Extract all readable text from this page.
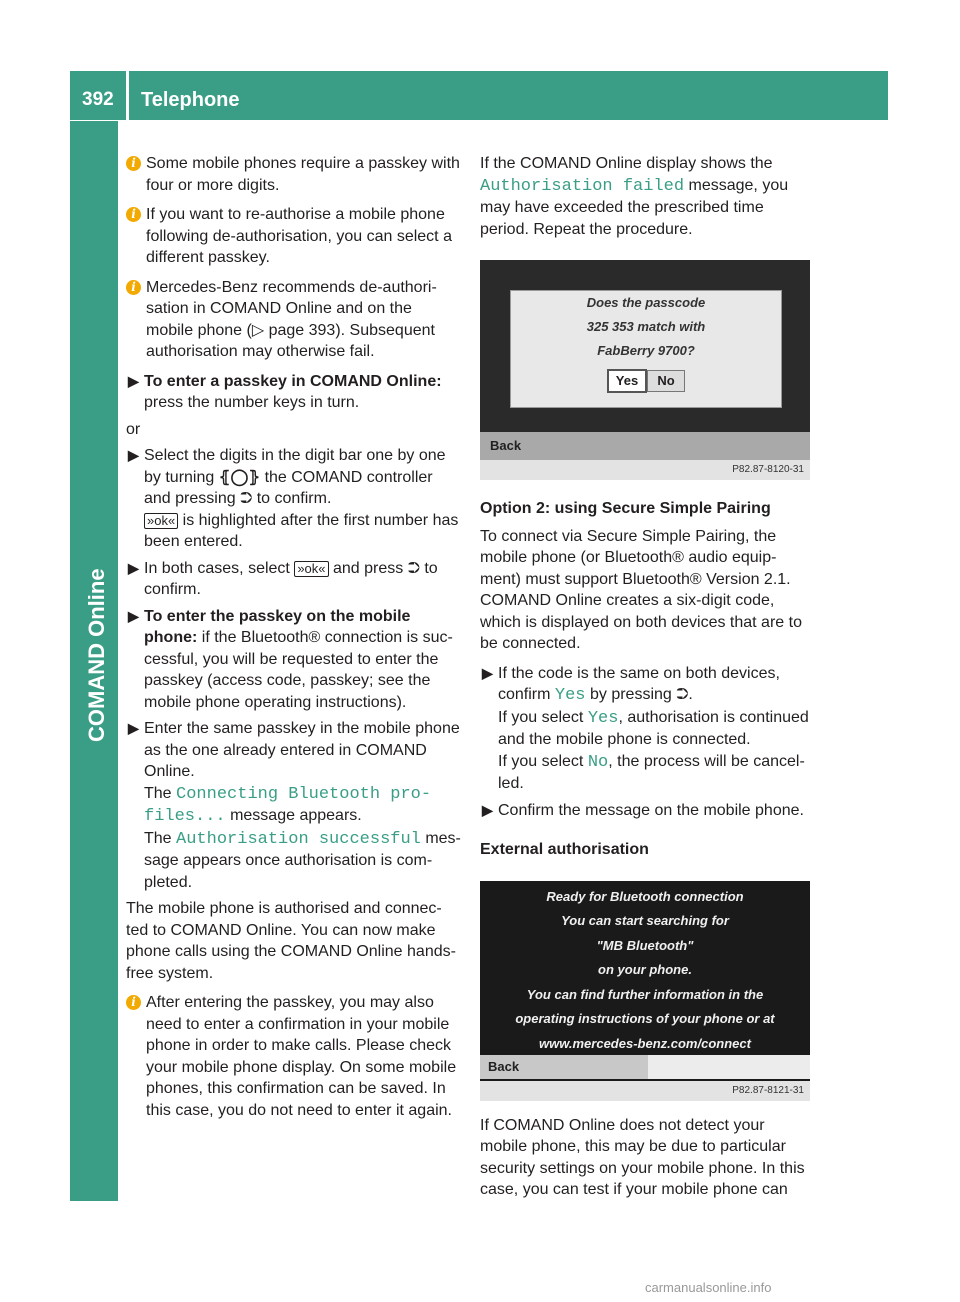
392 Telephone
COMAND Online

i Some mobile phones require a passkey with four or more digits.

i If you want to re-authorise a mobile phone following de-authorisation, you can select a different passkey.

i Mercedes-Benz recommends de-authori-sation in COMAND Online and on the mobile phone (▷ page 393). Subsequent authorisation may otherwise fail.

▶ To enter a passkey in COMAND Online:
press the number keys in turn.
or
▶ Select the digits in the digit bar one by one by turning ⦃◯⦄ the COMAND controller and pressing ⮊ to confirm.
»ok« is highlighted after the first number has been entered.
▶ In both cases, select »ok« and press ⮊ to confirm.
▶ To enter the passkey on the mobile phone: if the Bluetooth® connection is suc-cessful, you will be requested to enter the passkey (access code, passkey; see the mobile phone operating instructions).
▶ Enter the same passkey in the mobile phone as the one already entered in COMAND Online.
The Connecting Bluetooth pro-files... message appears.
The Authorisation successful mes-sage appears once authorisation is com-pleted.

The mobile phone is authorised and connec-ted to COMAND Online. You can now make phone calls using the COMAND Online hands-free system.

i After entering the passkey, you may also need to enter a confirmation in your mobile phone in order to make calls. Please check your mobile phone display. On some mobile phones, this confirmation can be saved. In this case, you do not need to enter it again.

If the COMAND Online display shows the Authorisation failed message, you may have exceeded the prescribed time period. Repeat the procedure.

Does the passcode
325 353 match with
FabBerry 9700?
Yes No
Back
P82.87-8120-31
Option 2: using Secure Simple Pairing

To connect via Secure Simple Pairing, the mobile phone (or Bluetooth® audio equip-ment) must support Bluetooth® Version 2.1. COMAND Online creates a six-digit code, which is displayed on both devices that are to be connected.

▶ If the code is the same on both devices, confirm Yes by pressing ⮊.
If you select Yes, authorisation is continued and the mobile phone is connected.
If you select No, the process will be cancel-led.
▶ Confirm the message on the mobile phone.
External authorisation
Ready for Bluetooth connection
You can start searching for
"MB Bluetooth"
on your phone.
You can find further information in the
operating instructions of your phone or at
www.mercedes-benz.com/connect
Back
P82.87-8121-31

If COMAND Online does not detect your mobile phone, this may be due to particular security settings on your mobile phone. In this case, you can test if your mobile phone can

carmanualsonline.info
